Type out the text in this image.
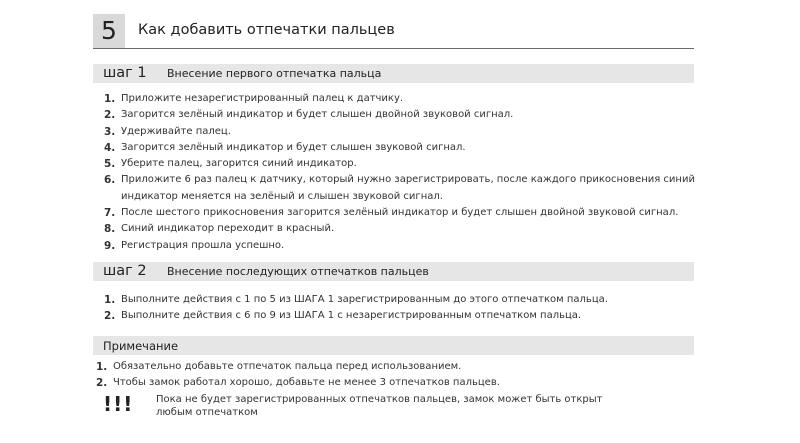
5	Как добавить отпечатки пальцев
шаг 1 Внесение первого отпечатка пальца
1. Приложите незарегистрированный палец к датчику.
2. Загорится зелёный индикатор и будет слышен двойной звуковой сигнал.
3. Удерживайте палец.
4. Загорится зелёный индикатор и будет слышен звуковой сигнал.
5. Уберите палец, загорится синий индикатор.
6. Приложите 6 раз палец к датчику, который нужно зарегистрировать, после каждого прикосновения синий индикатор меняется на зелёный и слышен звуковой сигнал.
7. После шестого прикосновения загорится зелёный индикатор и будет слышен двойной звуковой сигнал.
8. Синий индикатор переходит в красный.
9. Регистрация прошла успешно.
шаг 2 Внесение последующих отпечатков пальцев
1. Выполните действия с 1 по 5 из ШАГА 1 зарегистрированным до этого отпечатком пальца.
2. Выполните действия с 6 по 9 из ШАГА 1 с незарегистрированным отпечатком пальца.
Примечание
1. Обязательно добавьте отпечаток пальца перед использованием.
2. Чтобы замок работал хорошо, добавьте не менее 3 отпечатков пальцев.
!!! Пока не будет зарегистрированных отпечатков пальцев, замок может быть открыт любым отпечатком
